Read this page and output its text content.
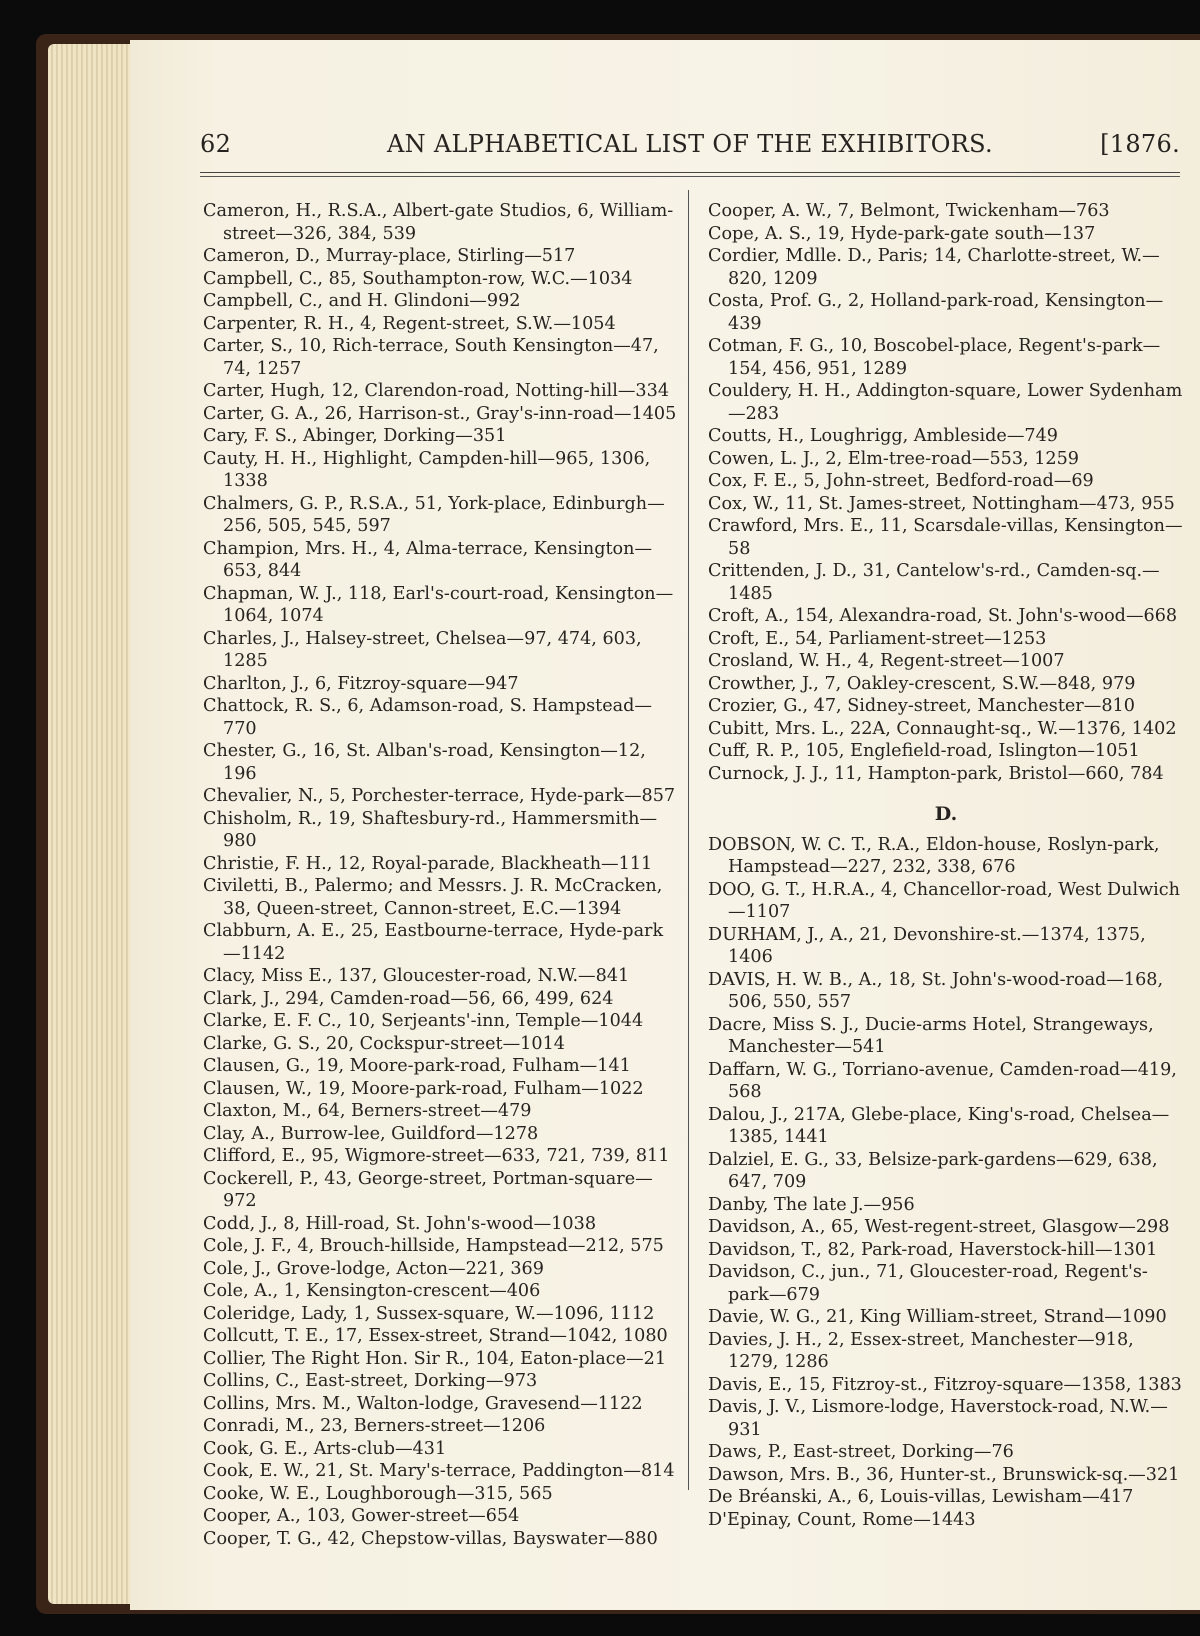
62	AN ALPHABETICAL LIST OF THE EXHIBITORS.	[1876.

Cameron, H., R.S.A., Albert-gate Studios, 6, William-street—326, 384, 539

Cameron, D., Murray-place, Stirling—517

Campbell, C., 85, Southampton-row, W.C.—1034

Campbell, C., and H. Glindoni—992

Carpenter, R. H., 4, Regent-street, S.W.—1054

Carter, S., 10, Rich-terrace, South Kensington—47, 74, 1257

Carter, Hugh, 12, Clarendon-road, Notting-hill—334

Carter, G. A., 26, Harrison-st., Gray's-inn-road—1405

Cary, F. S., Abinger, Dorking—351

Cauty, H. H., Highlight, Campden-hill—965, 1306, 1338

Chalmers, G. P., R.S.A., 51, York-place, Edinburgh—256, 505, 545, 597

Champion, Mrs. H., 4, Alma-terrace, Kensington—653, 844

Chapman, W. J., 118, Earl's-court-road, Kensington—1064, 1074

Charles, J., Halsey-street, Chelsea—97, 474, 603, 1285

Charlton, J., 6, Fitzroy-square—947

Chattock, R. S., 6, Adamson-road, S. Hampstead—770

Chester, G., 16, St. Alban's-road, Kensington—12, 196

Chevalier, N., 5, Porchester-terrace, Hyde-park—857

Chisholm, R., 19, Shaftesbury-rd., Hammersmith—980

Christie, F. H., 12, Royal-parade, Blackheath—111

Civiletti, B., Palermo; and Messrs. J. R. McCracken, 38, Queen-street, Cannon-street, E.C.—1394

Clabburn, A. E., 25, Eastbourne-terrace, Hyde-park—1142

Clacy, Miss E., 137, Gloucester-road, N.W.—841

Clark, J., 294, Camden-road—56, 66, 499, 624

Clarke, E. F. C., 10, Serjeants'-inn, Temple—1044

Clarke, G. S., 20, Cockspur-street—1014

Clausen, G., 19, Moore-park-road, Fulham—141

Clausen, W., 19, Moore-park-road, Fulham—1022

Claxton, M., 64, Berners-street—479

Clay, A., Burrow-lee, Guildford—1278

Clifford, E., 95, Wigmore-street—633, 721, 739, 811

Cockerell, P., 43, George-street, Portman-square—972

Codd, J., 8, Hill-road, St. John's-wood—1038

Cole, J. F., 4, Brouch-hillside, Hampstead—212, 575

Cole, J., Grove-lodge, Acton—221, 369

Cole, A., 1, Kensington-crescent—406

Coleridge, Lady, 1, Sussex-square, W.—1096, 1112

Collcutt, T. E., 17, Essex-street, Strand—1042, 1080

Collier, The Right Hon. Sir R., 104, Eaton-place—21

Collins, C., East-street, Dorking—973

Collins, Mrs. M., Walton-lodge, Gravesend—1122

Conradi, M., 23, Berners-street—1206

Cook, G. E., Arts-club—431

Cook, E. W., 21, St. Mary's-terrace, Paddington—814

Cooke, W. E., Loughborough—315, 565

Cooper, A., 103, Gower-street—654

Cooper, T. G., 42, Chepstow-villas, Bayswater—880

Cooper, A. W., 7, Belmont, Twickenham—763

Cope, A. S., 19, Hyde-park-gate south—137

Cordier, Mdlle. D., Paris; 14, Charlotte-street, W.—820, 1209

Costa, Prof. G., 2, Holland-park-road, Kensington—439

Cotman, F. G., 10, Boscobel-place, Regent's-park—154, 456, 951, 1289

Couldery, H. H., Addington-square, Lower Sydenham—283

Coutts, H., Loughrigg, Ambleside—749

Cowen, L. J., 2, Elm-tree-road—553, 1259

Cox, F. E., 5, John-street, Bedford-road—69

Cox, W., 11, St. James-street, Nottingham—473, 955

Crawford, Mrs. E., 11, Scarsdale-villas, Kensington—58

Crittenden, J. D., 31, Cantelow's-rd., Camden-sq.—1485

Croft, A., 154, Alexandra-road, St. John's-wood—668

Croft, E., 54, Parliament-street—1253

Crosland, W. H., 4, Regent-street—1007

Crowther, J., 7, Oakley-crescent, S.W.—848, 979

Crozier, G., 47, Sidney-street, Manchester—810

Cubitt, Mrs. L., 22A, Connaught-sq., W.—1376, 1402

Cuff, R. P., 105, Englefield-road, Islington—1051

Curnock, J. J., 11, Hampton-park, Bristol—660, 784

D.

DOBSON, W. C. T., R.A., Eldon-house, Roslyn-park, Hampstead—227, 232, 338, 676

DOO, G. T., H.R.A., 4, Chancellor-road, West Dulwich—1107

DURHAM, J., A., 21, Devonshire-st.—1374, 1375, 1406

DAVIS, H. W. B., A., 18, St. John's-wood-road—168, 506, 550, 557

Dacre, Miss S. J., Ducie-arms Hotel, Strangeways, Manchester—541

Daffarn, W. G., Torriano-avenue, Camden-road—419, 568

Dalou, J., 217A, Glebe-place, King's-road, Chelsea—1385, 1441

Dalziel, E. G., 33, Belsize-park-gardens—629, 638, 647, 709

Danby, The late J.—956

Davidson, A., 65, West-regent-street, Glasgow—298

Davidson, T., 82, Park-road, Haverstock-hill—1301

Davidson, C., jun., 71, Gloucester-road, Regent's-park—679

Davie, W. G., 21, King William-street, Strand—1090

Davies, J. H., 2, Essex-street, Manchester—918, 1279, 1286

Davis, E., 15, Fitzroy-st., Fitzroy-square—1358, 1383

Davis, J. V., Lismore-lodge, Haverstock-road, N.W.—931

Daws, P., East-street, Dorking—76

Dawson, Mrs. B., 36, Hunter-st., Brunswick-sq.—321

De Bréanski, A., 6, Louis-villas, Lewisham—417

D'Epinay, Count, Rome—1443
